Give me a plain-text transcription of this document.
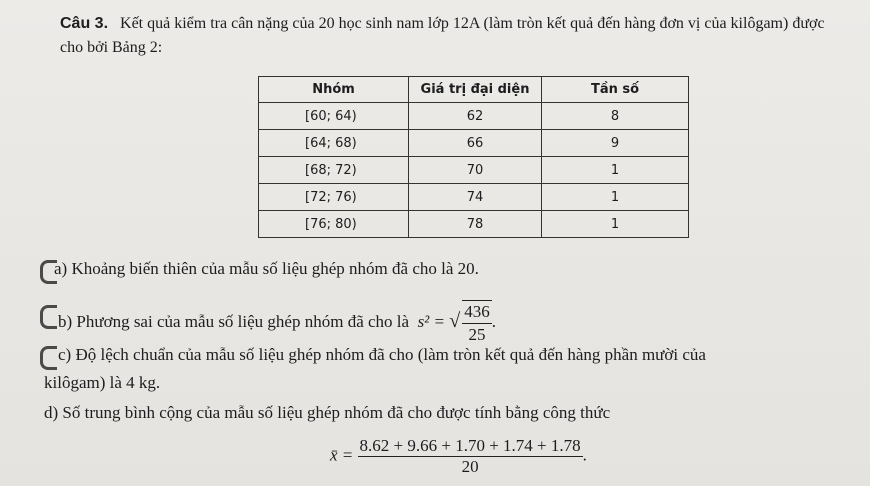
Câu 3. Kết quả kiểm tra cân nặng của 20 học sinh nam lớp 12A (làm tròn kết quả đến hàng đơn vị của kilôgam) được cho bởi Bảng 2:
Nhóm	Giá trị đại diện	Tần số
[60; 64)	62	8
[64; 68)	66	9
[68; 72)	70	1
[72; 76)	74	1
[76; 80)	78	1
a) Khoảng biến thiên của mẫu số liệu ghép nhóm đã cho là 20.
b) Phương sai của mẫu số liệu ghép nhóm đã cho là s² = √ $\frac{436}{25}$ .
c) Độ lệch chuẩn của mẫu số liệu ghép nhóm đã cho (làm tròn kết quả đến hàng phần mười của
kilôgam) là 4 kg.
d) Số trung bình cộng của mẫu số liệu ghép nhóm đã cho được tính bằng công thức
x̄ = $\frac{8.62 + 9.66 + 1.70 + 1.74 + 1.78}{20}$ .
